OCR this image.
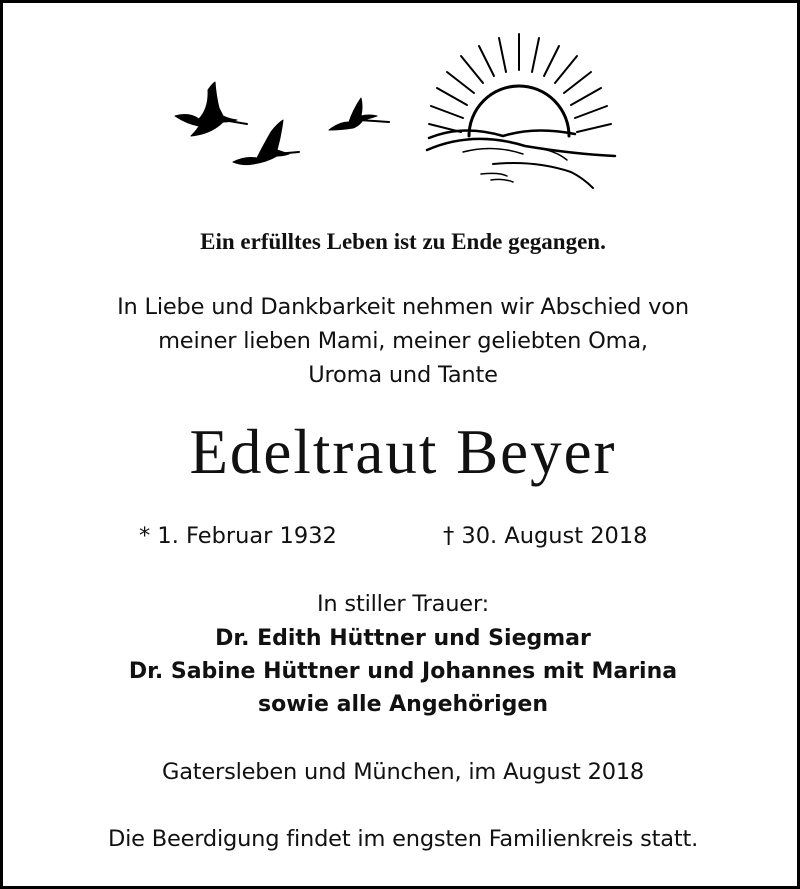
Ein erfülltes Leben ist zu Ende gegangen.
In Liebe und Dankbarkeit nehmen wir Abschied von
meiner lieben Mami, meiner geliebten Oma,
Uroma und Tante
Edeltraut Beyer
* 1. Februar 1932	† 30. August 2018
In stiller Trauer:
Dr. Edith Hüttner und Siegmar
Dr. Sabine Hüttner und Johannes mit Marina
sowie alle Angehörigen
Gatersleben und München, im August 2018
Die Beerdigung findet im engsten Familienkreis statt.
